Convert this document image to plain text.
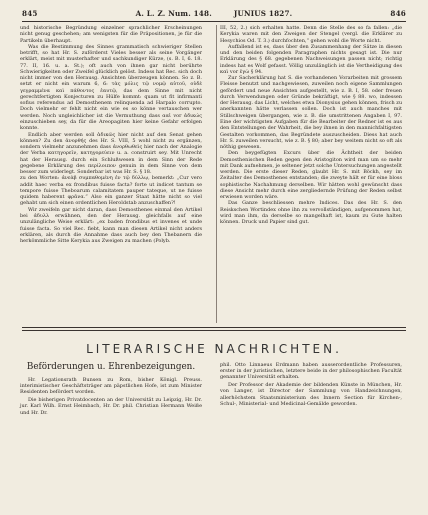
845	A. L. Z. Num. 148.	JUNIUS 1827.	846

und historische Begründung einzelner sprachlicher Erscheinungen nicht genug geschehen; am wenigsten für die Präpositionen, je für die Partikeln überhaupt.

Was die Bestimmung des Sinnes grammatisch schwieriger Stellen betrifft, so hat Hr. S. zuförderst Vieles besser als seine Vorgänger erklärt, meist mit musterhafter und sachkundiger Kürze, (s. B. I, 6. 18. 77. II, 16. u. a. St.); oft auch von ihnen gar nicht berührte Schwierigkeiten oder Zweifel glücklich gelöst. Indess hat Rec. sich doch nicht immer von den Herausg. Ansichten überzeugen können. So z. B. setzt er nicht ein warum 6, 6: τὰς μόλις τῷ νομῷ αὐτοῦ, οὐδὲ γεγραμμένα καὶ πάθοντος ἑαυτῷ, das dem Sinne mit nicht gerechtfertigten Konjecturen zu Hülfe kommt: quam ut fit infirmanti sofius referendus ad Demosthenem relinquenda ad Harpalo corrupto. Doch vielmehr er fehlt nicht ein wie es so könne vertauschen wer werden. Noch ungleichlicher ist die Vermuthung dass ααἰ vor ἀδικώς einzuschieben sey, da für die Areopagiten hier keine Gefahr erfolgen konnte.

Endlich aber werden soll ἀδικῶς hier nicht auf den Senat gehen können? Zu den ἀνορθής des Hr. S. VIII, 5 wohl nicht zu ergänzen, sondern vielmehr anzunehmen dass ἀνορθωθεὶς hier nach der Analogie der Verba κατηγορεῖν, κατηγορεύειν u. a. construirt sey. Mit Unrecht hat der Herausg. durch ein Schlußwesen in dem Sinn der Rede gegebene Erklärung des περίλοιπον genuin in dem Sinne von dem besser zum widerlegt. Sonderbar ist was Hr. S. § 18.

zu den Worten: ἀνεὰβ συμπαθομένη ἐν τῷ δύλλῳ, bemerkt: „Cur vero addit haec verba ex frondibus fuisse facta? forte ut indicet tantum se tempore fuisse Theboarum calamitatem pauper tateque, ut ne fuisse quidem haberent φρᾶνα.“ Also ein ganzer Staat hätte nicht so viel gehabt um sich einen ordentlichen Heroldstab anzuschaffen?!

Wir zweifeln gar nicht daran, dass Demosthenes einmal den Artikel bei ἀδυλλ erwähnen, den der Herausg. gleichfalls auf eine unzulängliche Weise erklärt: „ex baden frondibus et invenes et unde fuisse facta. So viel Rec. fiebt, kann man diesen Artikel nicht anders erklären, als durch die Annahme dass auch bey den Thebanern die herkömmliche Sitte Kerykia aus Zweigen zu machen (Polyb.

III, 52, 2.) sich erhalten hatte. Denn die Stelle des so fa fallen: „die Kerykia waren mit den Zweigen der Stengel (vergl. die Erklärer zu Hesychios Od. T. 3.) durchfochten,“ gehen wohl die Worte nicht.

Auffallend ist es, dass über den Zusammenhang der Sätze in diesen und den beiden folgenden Paragraphen nichts gesagt ist. Die nur Erklärung des § 68. gegebenen Nachweisungen passen nicht; richtig indess hat es Wolf gefasst. Völlig unzulänglich ist die Vertheidigung des καὶ vor ἐγὼ § 94.

Zur Sacherklärung hat S. die vorhandenen Vorarbeiten mit grossem Fleisse benutzt und nachgewiesen, zuweilen noch eigene Sammlungen gefördert und neue Ansichten aufgestellt, wie z. B. I, 58. oder freuen durch Verwendungen oder Gründe bekräftigt, wie § 88. wo, indessen der Herausg. das Licht, welches etwa Dionysius gehen können, frisch zu anerkannten hätte verlassen sollen. Doch ist auch manches mit Stillschweigen übergangen, wie z. B. die umstrittenen Angaben I, 97. Eine der wichtigsten Aufgaben für die Bearbeiter der Redner ist es aus den Entstellungen der Wahrheit, die bey ihnen in den mannichfaltigsten Gestalten vorkommen, das Begründete auszuscheiden. Diess hat auch Hr. S. zuweilen versucht, wie z. B. § 80; aber bey weitem nicht so oft als nöthig gewesen.

Den beygefügten Excurs über die Ächtheit der beiden Demosthenischen Reden gegen den Aristogiton wird man um so mehr mit Dank aufnehmen, je seltener jetzt solche Untersuchungen angestellt werden. Die erste dieser Reden, glaubt Hr. S. mit Böckh, sey im Zeitalter des Demosthenes entstanden; die zweyte hält er für eine bloss sophistische Nachahmung derselben. Wir hätten wohl gewünscht dass diese Ansicht mehr durch eine zergliedernde Prüfung der Reden selbst erwiesen worden wäre.

Das Ganze beschliessen mehre Indices. Das des Hr. S. den Reiskschen Wortindex ohne ihn zu vervollständigen, aufgenommen hat, wird man ihm, da derselbe so mangelhaft ist, kaum zu Gute halten können. Druck und Papier sind gut.

LITERARISCHE NACHRICHTEN.

Beförderungen u. Ehrenbezeigungen.

Hr. Legationsrath Bunsen zu Rom, bisher Königl. Preuss. interimistischer Geschäftsträger am päpstlichen Hofe, ist zum Minister Residenten befördert worden.

Die bisherigen Privatdocenten an der Universität zu Leipzig, Hr. Dr. jur. Karl Wilh. Ernst Heimbach, Hr. Dr. phil. Christian Hermann Weiße und Hr. Dr.

phil. Otto Linnaeus Erdmann haben ausserordentliche Professuren, erster in der juristischen, letztere beide in der philosophischen Facultät genannter Universität erhalten.

Der Professor der Akademie der bildenden Künste in München, Hr. von Langer, ist Director der Sammlung von Handzeichnungen, allerhöchstem Staatsministerium des Innern Section für Kirchen-, Schul-, Ministerial- und Medicinal-Gemälde geworden.
